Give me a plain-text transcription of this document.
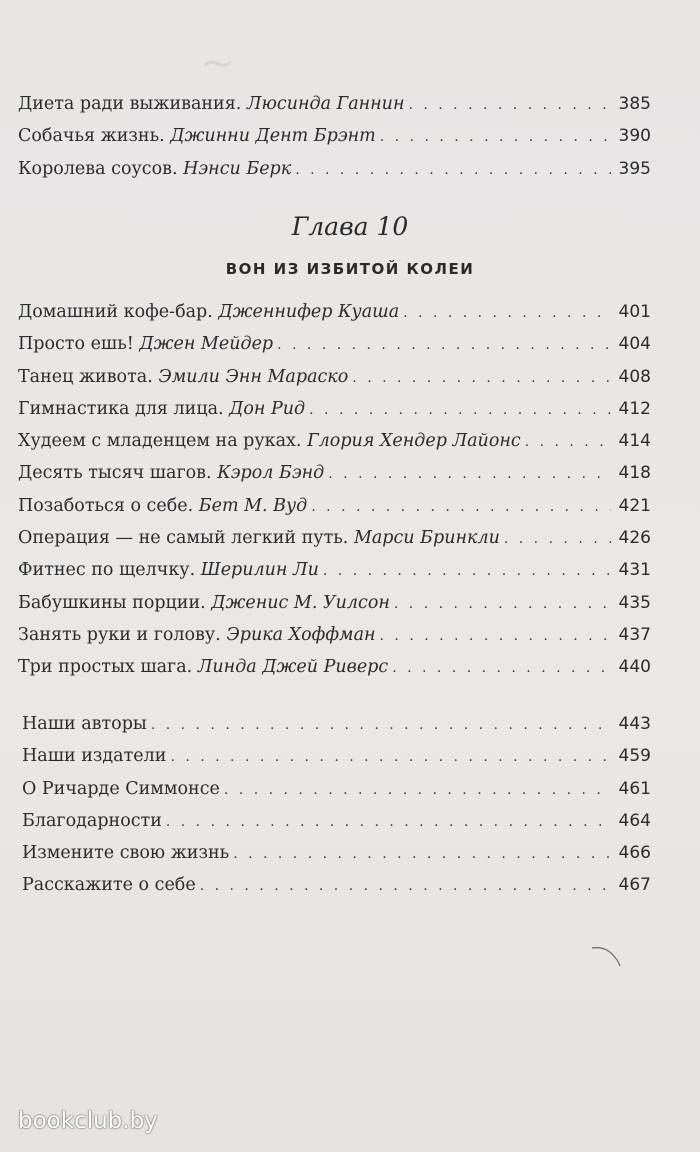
~
Диета ради выживания. Люсинда Ганнин . . .	385
Собачья жизнь. Джинни Дент Брэнт . . .	390
Королева соусов. Нэнси Берк . . .	395
Глава 10
ВОН ИЗ ИЗБИТОЙ КОЛЕИ
Домашний кофе-бар. Дженнифер Куаша . . .	401
Просто ешь! Джен Мейдер . . .	404
Танец живота. Эмили Энн Мараско . . .	408
Гимнастика для лица. Дон Рид . . .	412
Худеем с младенцем на руках. Глория Хендер Лайонс . . .	414
Десять тысяч шагов. Кэрол Бэнд . . .	418
Позаботься о себе. Бет М. Вуд . . .	421
Операция — не самый легкий путь. Марси Бринкли . . .	426
Фитнес по щелчку. Шерилин Ли . . .	431
Бабушкины порции. Дженис М. Уилсон . . .	435
Занять руки и голову. Эрика Хоффман . . .	437
Три простых шага. Линда Джей Риверс . . .	440
Наши авторы . . .	443
Наши издатели . . .	459
О Ричарде Симмонсе . . .	461
Благодарности . . .	464
Измените свою жизнь . . .	466
Расскажите о себе . . .	467
bookclub.by
